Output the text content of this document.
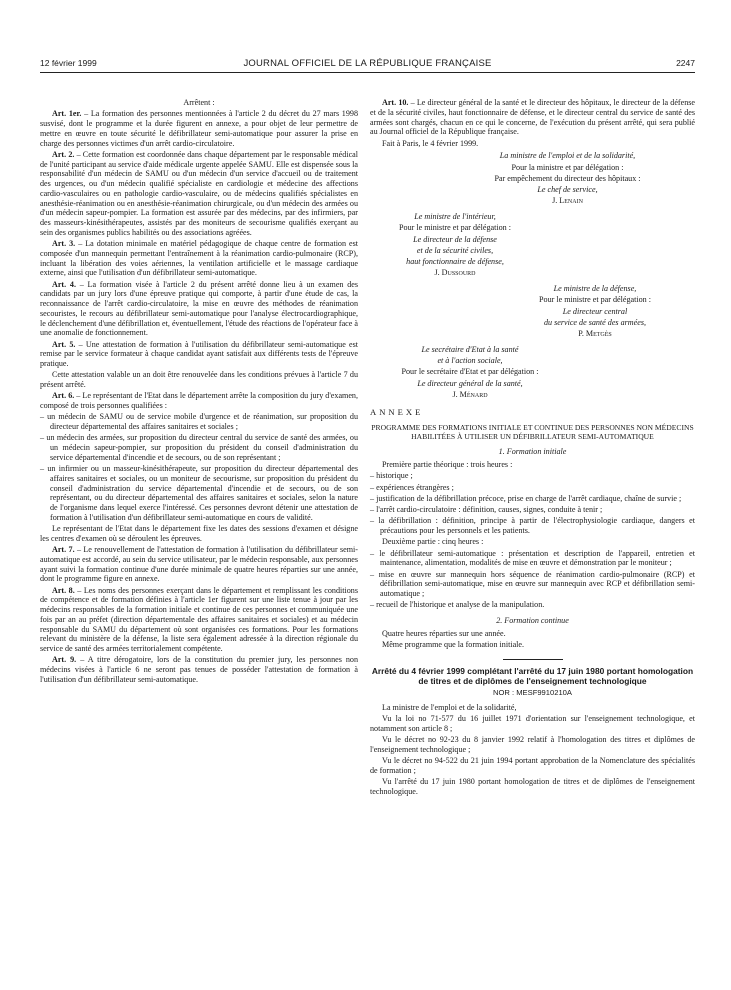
12 février 1999	JOURNAL OFFICIEL DE LA RÉPUBLIQUE FRANÇAISE	2247

Arrêtent :

Art. 1er. – La formation des personnes mentionnées à l'article 2 du décret du 27 mars 1998 susvisé, dont le programme et la durée figurent en annexe, a pour objet de leur permettre de mettre en œuvre en toute sécurité le défibrillateur semi-automatique pour assurer la prise en charge des personnes victimes d'un arrêt cardio-circulatoire.

Art. 2. – Cette formation est coordonnée dans chaque département par le responsable médical de l'unité participant au service d'aide médicale urgente appelée SAMU. Elle est dispensée sous la responsabilité d'un médecin de SAMU ou d'un médecin d'un service d'accueil ou de traitement des urgences, ou d'un médecin qualifié spécialiste en cardiologie et médecine des affections cardio-vasculaires ou en pathologie cardio-vasculaire, ou de médecins qualifiés spécialistes en anesthésie-réanimation ou en anesthésie-réanimation chirurgicale, ou d'un médecin des armées ou d'un médecin sapeur-pompier. La formation est assurée par des médecins, par des infirmiers, par des masseurs-kinésithérapeutes, assistés par des moniteurs de secourisme qualifiés exerçant au sein des organismes publics habilités ou des associations agréées.

Art. 3. – La dotation minimale en matériel pédagogique de chaque centre de formation est composée d'un mannequin permettant l'entraînement à la réanimation cardio-pulmonaire (RCP), incluant la libération des voies aériennes, la ventilation artificielle et le massage cardiaque externe, ainsi que l'utilisation d'un défibrillateur semi-automatique.

Art. 4. – La formation visée à l'article 2 du présent arrêté donne lieu à un examen des candidats par un jury lors d'une épreuve pratique qui comporte, à partir d'une étude de cas, la reconnaissance de l'arrêt cardio-circulatoire, la mise en œuvre des méthodes de réanimation secouristes, le recours au défibrillateur semi-automatique pour l'analyse électrocardiographique, le déclenchement d'une défibrillation et, éventuellement, l'étude des réactions de l'opérateur face à une anomalie de fonctionnement.

Art. 5. – Une attestation de formation à l'utilisation du défibrillateur semi-automatique est remise par le service formateur à chaque candidat ayant satisfait aux différents tests de l'épreuve pratique.

Cette attestation valable un an doit être renouvelée dans les conditions prévues à l'article 7 du présent arrêté.

Art. 6. – Le représentant de l'Etat dans le département arrête la composition du jury d'examen, composé de trois personnes qualifiées :

– un médecin de SAMU ou de service mobile d'urgence et de réanimation, sur proposition du directeur départemental des affaires sanitaires et sociales ;

– un médecin des armées, sur proposition du directeur central du service de santé des armées, ou un médecin sapeur-pompier, sur proposition du président du conseil d'administration du service départemental d'incendie et de secours, ou de son représentant ;

– un infirmier ou un masseur-kinésithérapeute, sur proposition du directeur départemental des affaires sanitaires et sociales, ou un moniteur de secourisme, sur proposition du président du conseil d'administration du service départemental d'incendie et de secours, ou de son représentant, ou du directeur départemental des affaires sanitaires et sociales, selon la nature de l'organisme dans lequel exerce l'intéressé. Ces personnes devront détenir une attestation de formation à l'utilisation d'un défibrillateur semi-automatique en cours de validité.

Le représentant de l'Etat dans le département fixe les dates des sessions d'examen et désigne les centres d'examen où se déroulent les épreuves.

Art. 7. – Le renouvellement de l'attestation de formation à l'utilisation du défibrillateur semi-automatique est accordé, au sein du service utilisateur, par le médecin responsable, aux personnes ayant suivi la formation continue d'une durée minimale de quatre heures réparties sur une année, dont le programme figure en annexe.

Art. 8. – Les noms des personnes exerçant dans le département et remplissant les conditions de compétence et de formation définies à l'article 1er figurent sur une liste tenue à jour par les médecins responsables de la formation initiale et continue de ces personnes et communiquée une fois par an au préfet (direction départementale des affaires sanitaires et sociales) et au médecin responsable du SAMU du département où sont organisées ces formations. Pour les formations relevant du ministère de la défense, la liste sera également adressée à la direction régionale du service de santé des armées territorialement compétente.

Art. 9. – A titre dérogatoire, lors de la constitution du premier jury, les personnes non médecins visées à l'article 6 ne seront pas tenues de posséder l'attestation de formation à l'utilisation d'un défibrillateur semi-automatique.

Art. 10. – Le directeur général de la santé et le directeur des hôpitaux, le directeur de la défense et de la sécurité civiles, haut fonctionnaire de défense, et le directeur central du service de santé des armées sont chargés, chacun en ce qui le concerne, de l'exécution du présent arrêté, qui sera publié au Journal officiel de la République française.

Fait à Paris, le 4 février 1999.

La ministre de l'emploi et de la solidarité,

Pour la ministre et par délégation :

Par empêchement du directeur des hôpitaux :

Le chef de service,

J. Lenain

Le ministre de l'intérieur,

Pour le ministre et par délégation :

Le directeur de la défense

et de la sécurité civiles,

haut fonctionnaire de défense,

J. Dussourd

Le ministre de la défense,

Pour le ministre et par délégation :

Le directeur central

du service de santé des armées,

P. Metgès

Le secrétaire d'Etat à la santé

et à l'action sociale,

Pour le secrétaire d'Etat et par délégation :

Le directeur général de la santé,

J. Ménard

ANNEXE

PROGRAMME DES FORMATIONS INITIALE ET CONTINUE DES PERSONNES NON MÉDECINS HABILITÉES À UTILISER UN DÉFIBRILLATEUR SEMI-AUTOMATIQUE

1. Formation initiale

Première partie théorique : trois heures :

– historique ;

– expériences étrangères ;

– justification de la défibrillation précoce, prise en charge de l'arrêt cardiaque, chaîne de survie ;

– l'arrêt cardio-circulatoire : définition, causes, signes, conduite à tenir ;

– la défibrillation : définition, principe à partir de l'électrophysiologie cardiaque, dangers et précautions pour les personnels et les patients.

Deuxième partie : cinq heures :

– le défibrillateur semi-automatique : présentation et description de l'appareil, entretien et maintenance, alimentation, modalités de mise en œuvre et démonstration par le moniteur ;

– mise en œuvre sur mannequin hors séquence de réanimation cardio-pulmonaire (RCP) et défibrillation semi-automatique, mise en œuvre sur mannequin avec RCP et défibrillation semi-automatique ;

– recueil de l'historique et analyse de la manipulation.

2. Formation continue

Quatre heures réparties sur une année.

Même programme que la formation initiale.

Arrêté du 4 février 1999 complétant l'arrêté du 17 juin 1980 portant homologation de titres et de diplômes de l'enseignement technologique

NOR : MESF9910210A

La ministre de l'emploi et de la solidarité,

Vu la loi no 71-577 du 16 juillet 1971 d'orientation sur l'enseignement technologique, et notamment son article 8 ;

Vu le décret no 92-23 du 8 janvier 1992 relatif à l'homologation des titres et diplômes de l'enseignement technologique ;

Vu le décret no 94-522 du 21 juin 1994 portant approbation de la Nomenclature des spécialités de formation ;

Vu l'arrêté du 17 juin 1980 portant homologation de titres et de diplômes de l'enseignement technologique.
